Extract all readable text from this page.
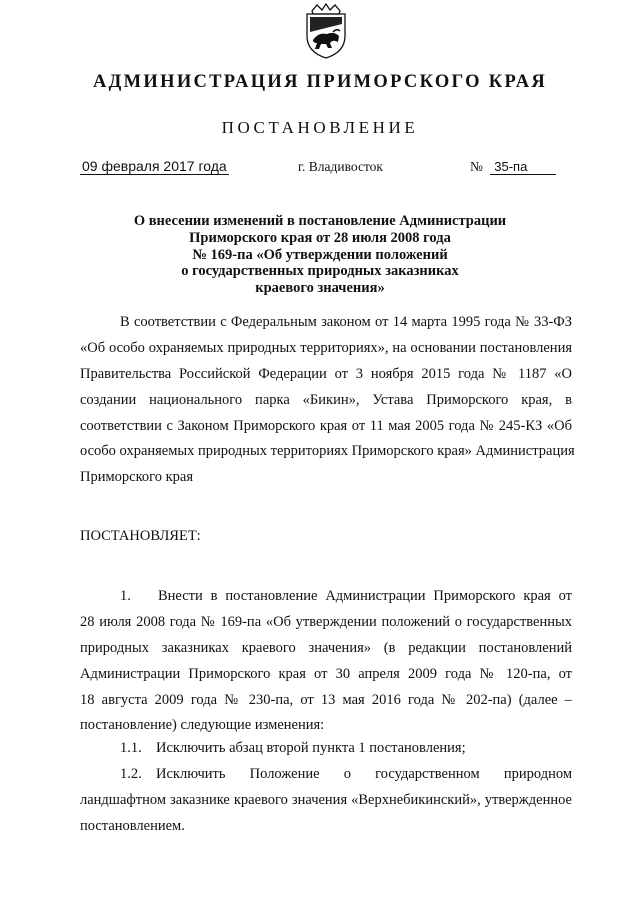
АДМИНИСТРАЦИЯ ПРИМОРСКОГО КРАЯ
ПОСТАНОВЛЕНИЕ
09 февраля 2017 года	г. Владивосток	№ 35-па
О внесении изменений в постановление Администрации
Приморского края от 28 июля 2008 года
№ 169-па «Об утверждении положений
о государственных природных заказниках
краевого значения»
В соответствии с Федеральным законом от 14 марта 1995 года № 33-ФЗ
«Об особо охраняемых природных территориях», на основании постановления
Правительства Российской Федерации от 3 ноября 2015 года № 1187 «О
создании национального парка «Бикин», Устава Приморского края, в
соответствии с Законом Приморского края от 11 мая 2005 года № 245-КЗ «Об
особо охраняемых природных территориях Приморского края» Администрация
Приморского края
ПОСТАНОВЛЯЕТ:
1.	Внести в постановление Администрации Приморского края от
28 июля 2008 года № 169-па «Об утверждении положений о государственных
природных заказниках краевого значения» (в редакции постановлений
Администрации Приморского края от 30 апреля 2009 года № 120-па, от
18 августа 2009 года № 230-па, от 13 мая 2016 года № 202-па) (далее –
постановление) следующие изменения:
1.1. Исключить абзац второй пункта 1 постановления;
1.2. Исключить Положение о государственном природном
ландшафтном заказнике краевого значения «Верхнебикинский», утвержденное
постановлением.
